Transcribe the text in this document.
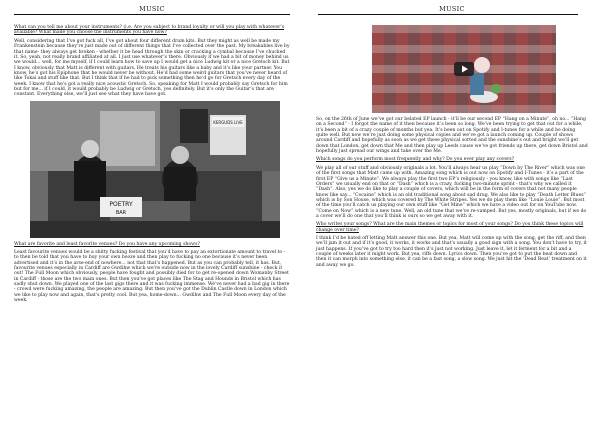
MUSIC

What can you tell me about your instruments? (i.e. Are you subject to brand loyalty or will you play with whatever’s available? What made you choose the instruments you have now?

Well, considering that I’ve got fuck all, I’ve got about four different drum kits. But they might as well be made my Frankenstein because they’re just made out of different things that I’ve collected over the past. My breakables live by that name- they always get broken - whether it be head through the skin or cracking a cymbal because I’ve chucked it. So, yeah, not really brand affiliated at all. I just use whatever’s there. Obviously if we had a bit of money behind us we would... well, for me myself, if I could learn how to save up I would get a nice Ludwig kit or a nice Gretsch kit. But I know, obviously that Matt is different with guitars. He treats his guitars like a baby and it’s like your partner. You know, he’s got his Epiphone that he would never be without. He’d had some weird guitars that you’ve never heard of like Tokai and stuff like that. But I think that if he had to pick something then he’d go for Gretsch every day of the week. I know that he’s got a really nice acoustic Gretsch. So, speaking for Matt I would probably say Gretsch for him but for me... if I could, it would probably be Ludwig or Gretsch, yes definitely. But it’s only the Guitar’s that are constant. Everything else, we’ll just see what they have have got.

KERGUDS LIVE
POETRY
BAR

What are favorite and least favorite venues? Do you have any upcoming shows?

Least favourite venues would be a shitty fucking festival that you’d have to pay an extortionate amount to travel to - to then be told that you have to buy your own booze and then play to fucking no one because it’s never been advertised and it’s in the arse-end of nowhere... not that that’s happened. But as you can probably tell, it has. But, favourite venues especially in Cardiff are Gwdihw which we’re outside now in the lovely Cardiff sunshine - check it out! The Full Moon which obviously, people have fought and possibly died for to get re-opened down Womanby Street in Cardiff - those are the two main ones. But then you’ve got places like The Stag and Hounds in Bristol which has sadly shut down. We played one of the last gigs there and it was fucking immense. We’ve never had a bad gig in there - crowd were fucking amazing, the people are amazing. But then you’ve got the Dublin Castle down in London which we like to play now and again, that’s pretty cool. But yea, home-down... Gwdihw and The Full Moon every day of the week.

MUSIC

So, on the 26th of June we’ve got our belated EP launch - it’ll be our second EP “Hang on a Minute”, oh no... “Hang on a Second” - I forgot the name of it then because it’s been so long. We’ve been trying to get that out for a while, it’s been a bit of a crazy couple of months but yea. It’s been out on Spotify and I-tunes for a while and be doing quite well. But now we’re just doing some physical copies and we’ve got a launch coming up. Couple of shows around Cardiff and hopefully as soon as we get these physical sorted and the sunshine’s out and bright we’ll get down that London, get down that Me and then play up Leeds cause we’ve got friends up there, get down Bristol and hopefully just spread our wings and take over the Me.

Which songs do you perform most frequently and why? Do you ever play any covers?

We play all of our stuff and obviously originals a lot. You’ll always hear us play “Down by The River” which was one of the first songs that Matt came up with. Amazing song which is out now on Spotify and I-Tunes - it’s a part of the first EP “Give us a Minute”. We always play the first two EP’s religiously - you know, like with songs like “Last Orders” we usually end on that or “Dash” which is a crazy, fucking two-minute sprint - that’s why we called it “Dash”. Also, yes we do like to play a couple of covers, which will be in the form of covers that not many people know like say... “Cocaine” which is an old traditional song about sad drug. We also like to play “Death Letter Blues” which is by Son House, which was covered by The White Stripes. Yes we do play them like “Louie Louie”. But most of the time you’ll catch us playing our own stuff like “Get Mine” which we have a video out for on YouTube now. “Come on Now” which is a new tune. Well, an old tune that we’ve re-vamped. But yes, mostly originals, but if we do a cover we’ll do one that you’ll think is ours so we get away with it.

Who writes your songs? What are the main themes or topics for most of your songs? Do you think these topics will change over time?

I think I’d be hated off letting Matt answer this one. But yea, Matt will come up with the song, get the riff, and then we’ll jam it out and if it’s good, it works, it works and that’s usually a good sign with a song. You don’t have to try, it just happens. If you’ve got to try too hard then it’s just not working. Just leave it, let it ferment for a bit and a couple of weeks later it might work. But yea, riffs down. Lyrics down. Then you’ve got to put the beat down and then it can morph into something else, it can be a fast song, a slow song. We just hit the ‘Dead Beat’ treatment on it and away we go.
